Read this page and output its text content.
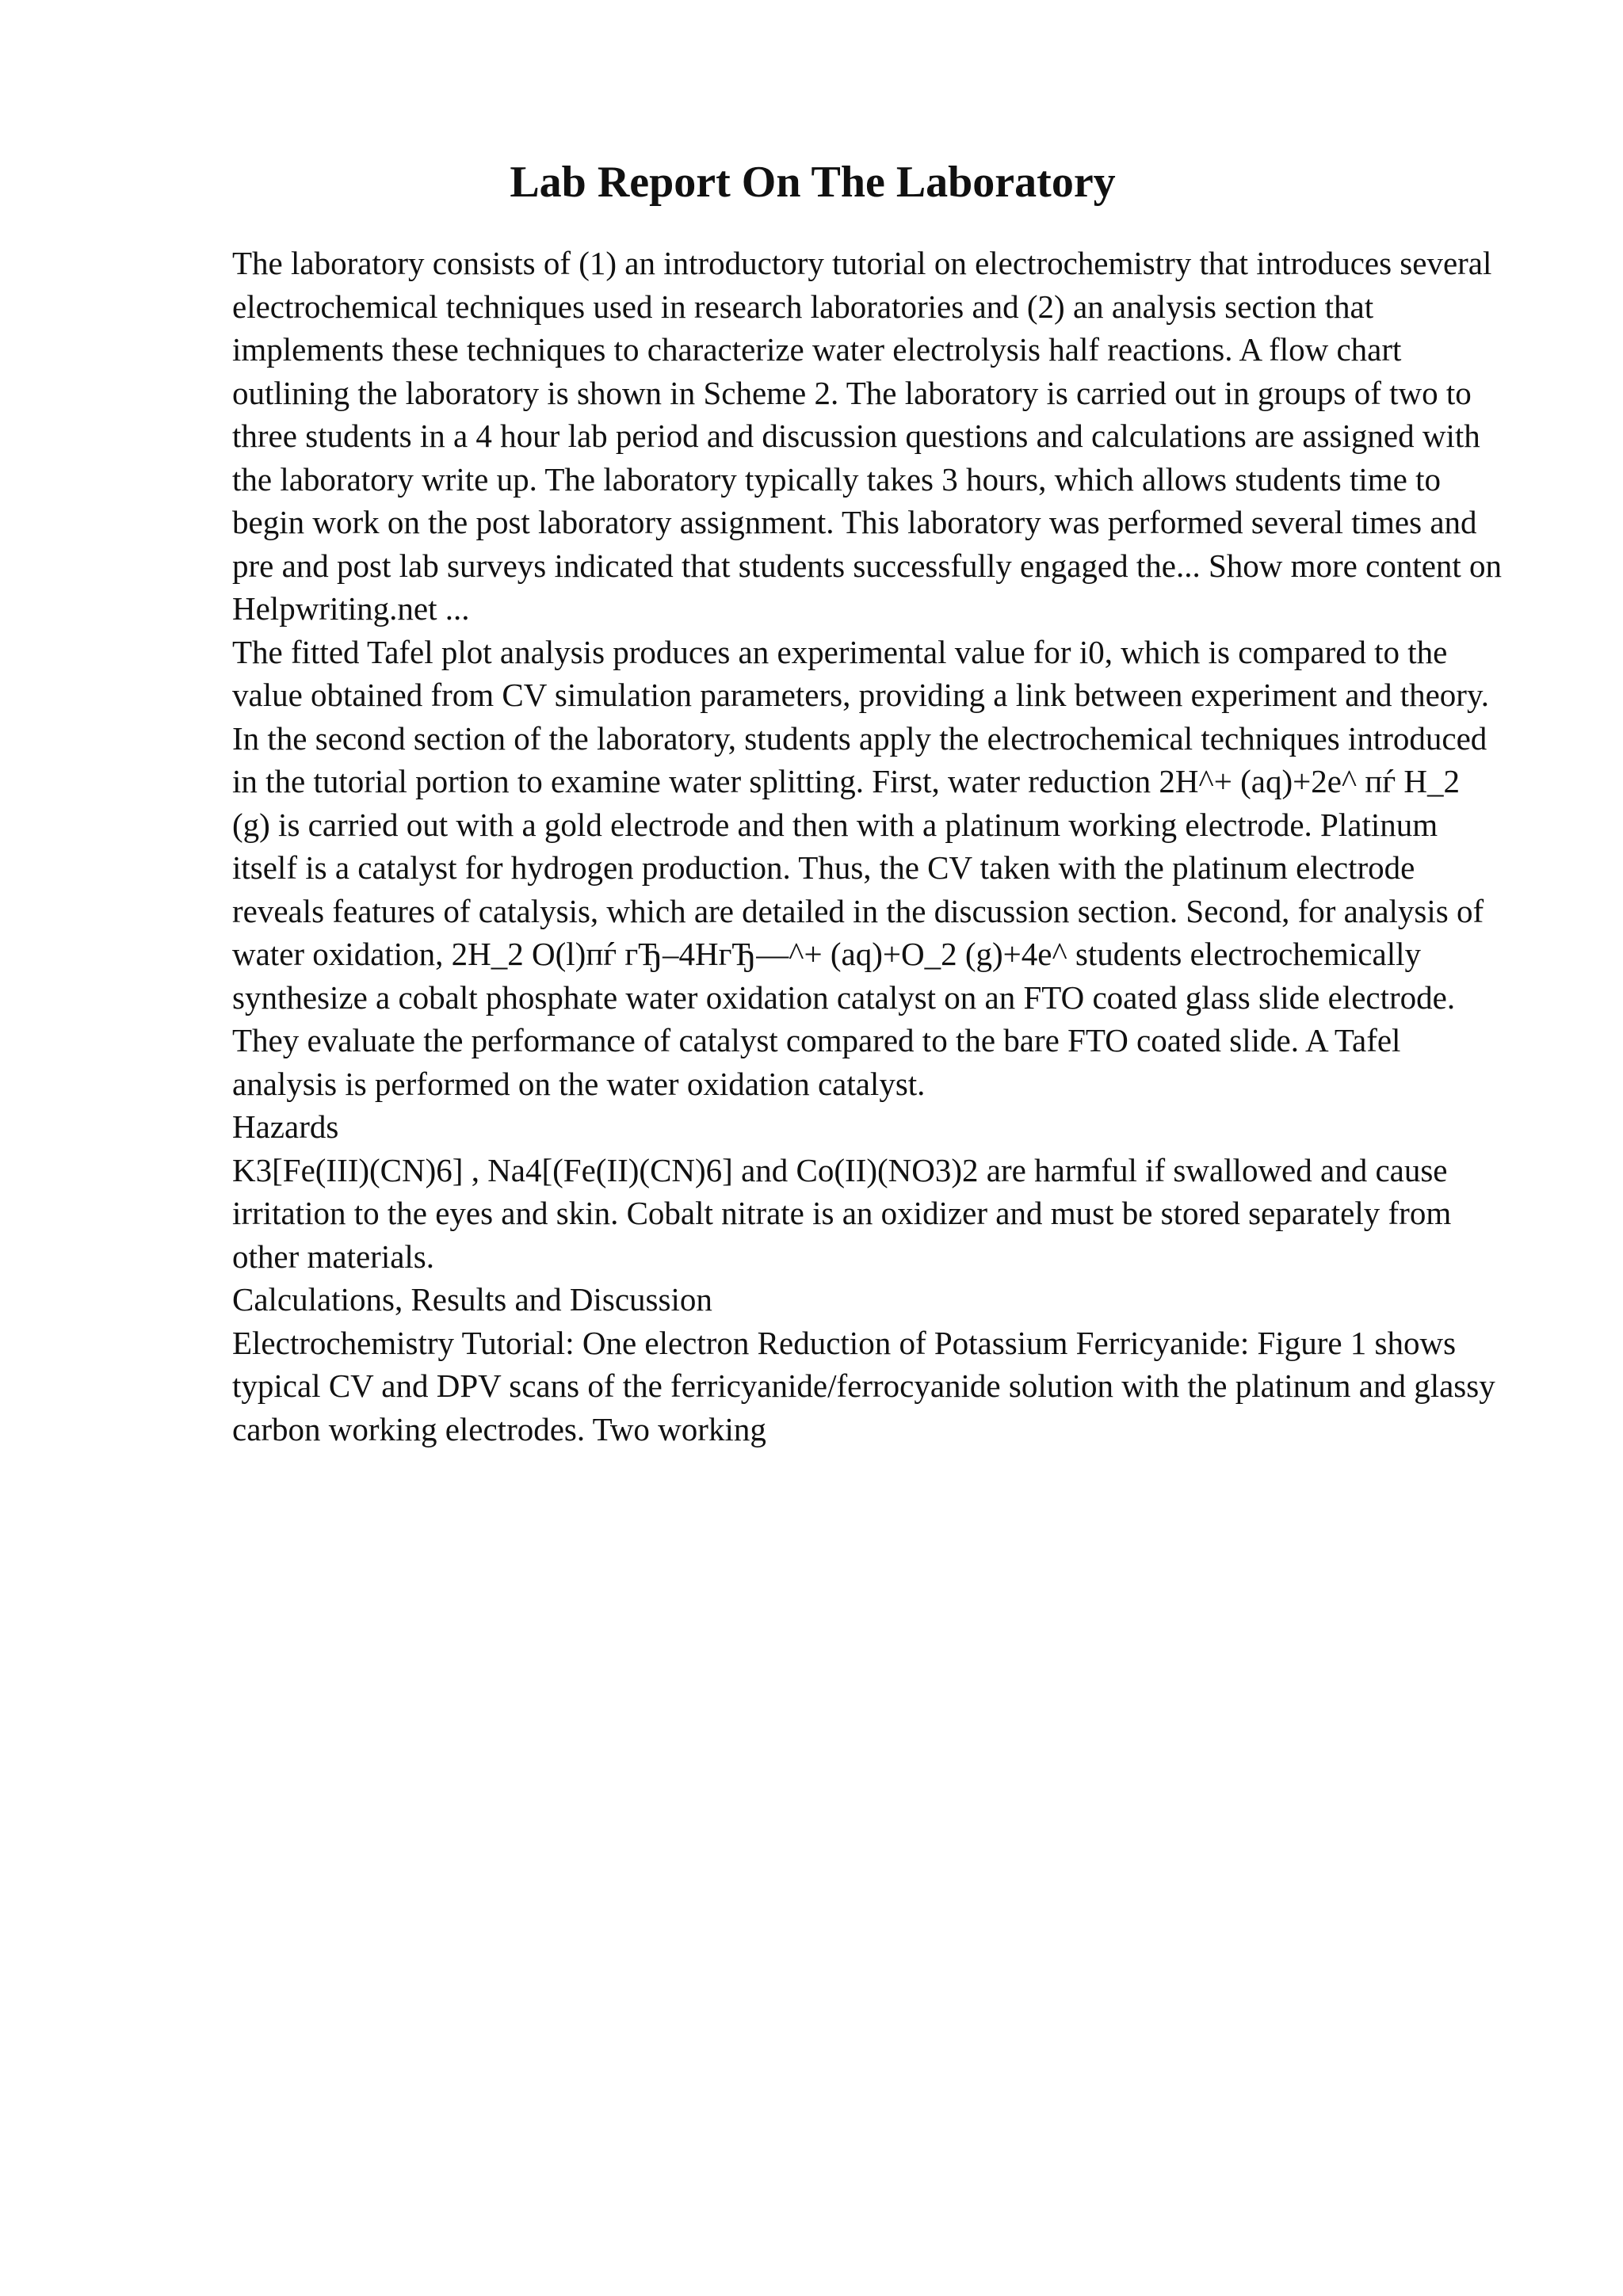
Lab Report On The Laboratory

The laboratory consists of (1) an introductory tutorial on electrochemistry that introduces several electrochemical techniques used in research laboratories and (2) an analysis section that implements these techniques to characterize water electrolysis half reactions. A flow chart outlining the laboratory is shown in Scheme 2. The laboratory is carried out in groups of two to three students in a 4 hour lab period and discussion questions and calculations are assigned with the laboratory write up. The laboratory typically takes 3 hours, which allows students time to begin work on the post laboratory assignment. This laboratory was performed several times and pre and post lab surveys indicated that students successfully engaged the... Show more content on Helpwriting.net ...

The fitted Tafel plot analysis produces an experimental value for i0, which is compared to the value obtained from CV simulation parameters, providing a link between experiment and theory.

In the second section of the laboratory, students apply the electrochemical techniques introduced in the tutorial portion to examine water splitting. First, water reduction 2H^+ (aq)+2e^ пѓ H_2 (g) is carried out with a gold electrode and then with a platinum working electrode. Platinum itself is a catalyst for hydrogen production. Thus, the CV taken with the platinum electrode reveals features of catalysis, which are detailed in the discussion section. Second, for analysis of water oxidation, 2H_2 O(l)пѓ гЂ–4HгЂ—^+ (aq)+O_2 (g)+4e^ students electrochemically synthesize a cobalt phosphate water oxidation catalyst on an FTO coated glass slide electrode. They evaluate the performance of catalyst compared to the bare FTO coated slide. A Tafel analysis is performed on the water oxidation catalyst.

Hazards

K3[Fe(III)(CN)6] , Na4[(Fe(II)(CN)6] and Co(II)(NO3)2 are harmful if swallowed and cause irritation to the eyes and skin. Cobalt nitrate is an oxidizer and must be stored separately from other materials.

Calculations, Results and Discussion

Electrochemistry Tutorial: One electron Reduction of Potassium Ferricyanide: Figure 1 shows typical CV and DPV scans of the ferricyanide/ferrocyanide solution with the platinum and glassy carbon working electrodes. Two working
